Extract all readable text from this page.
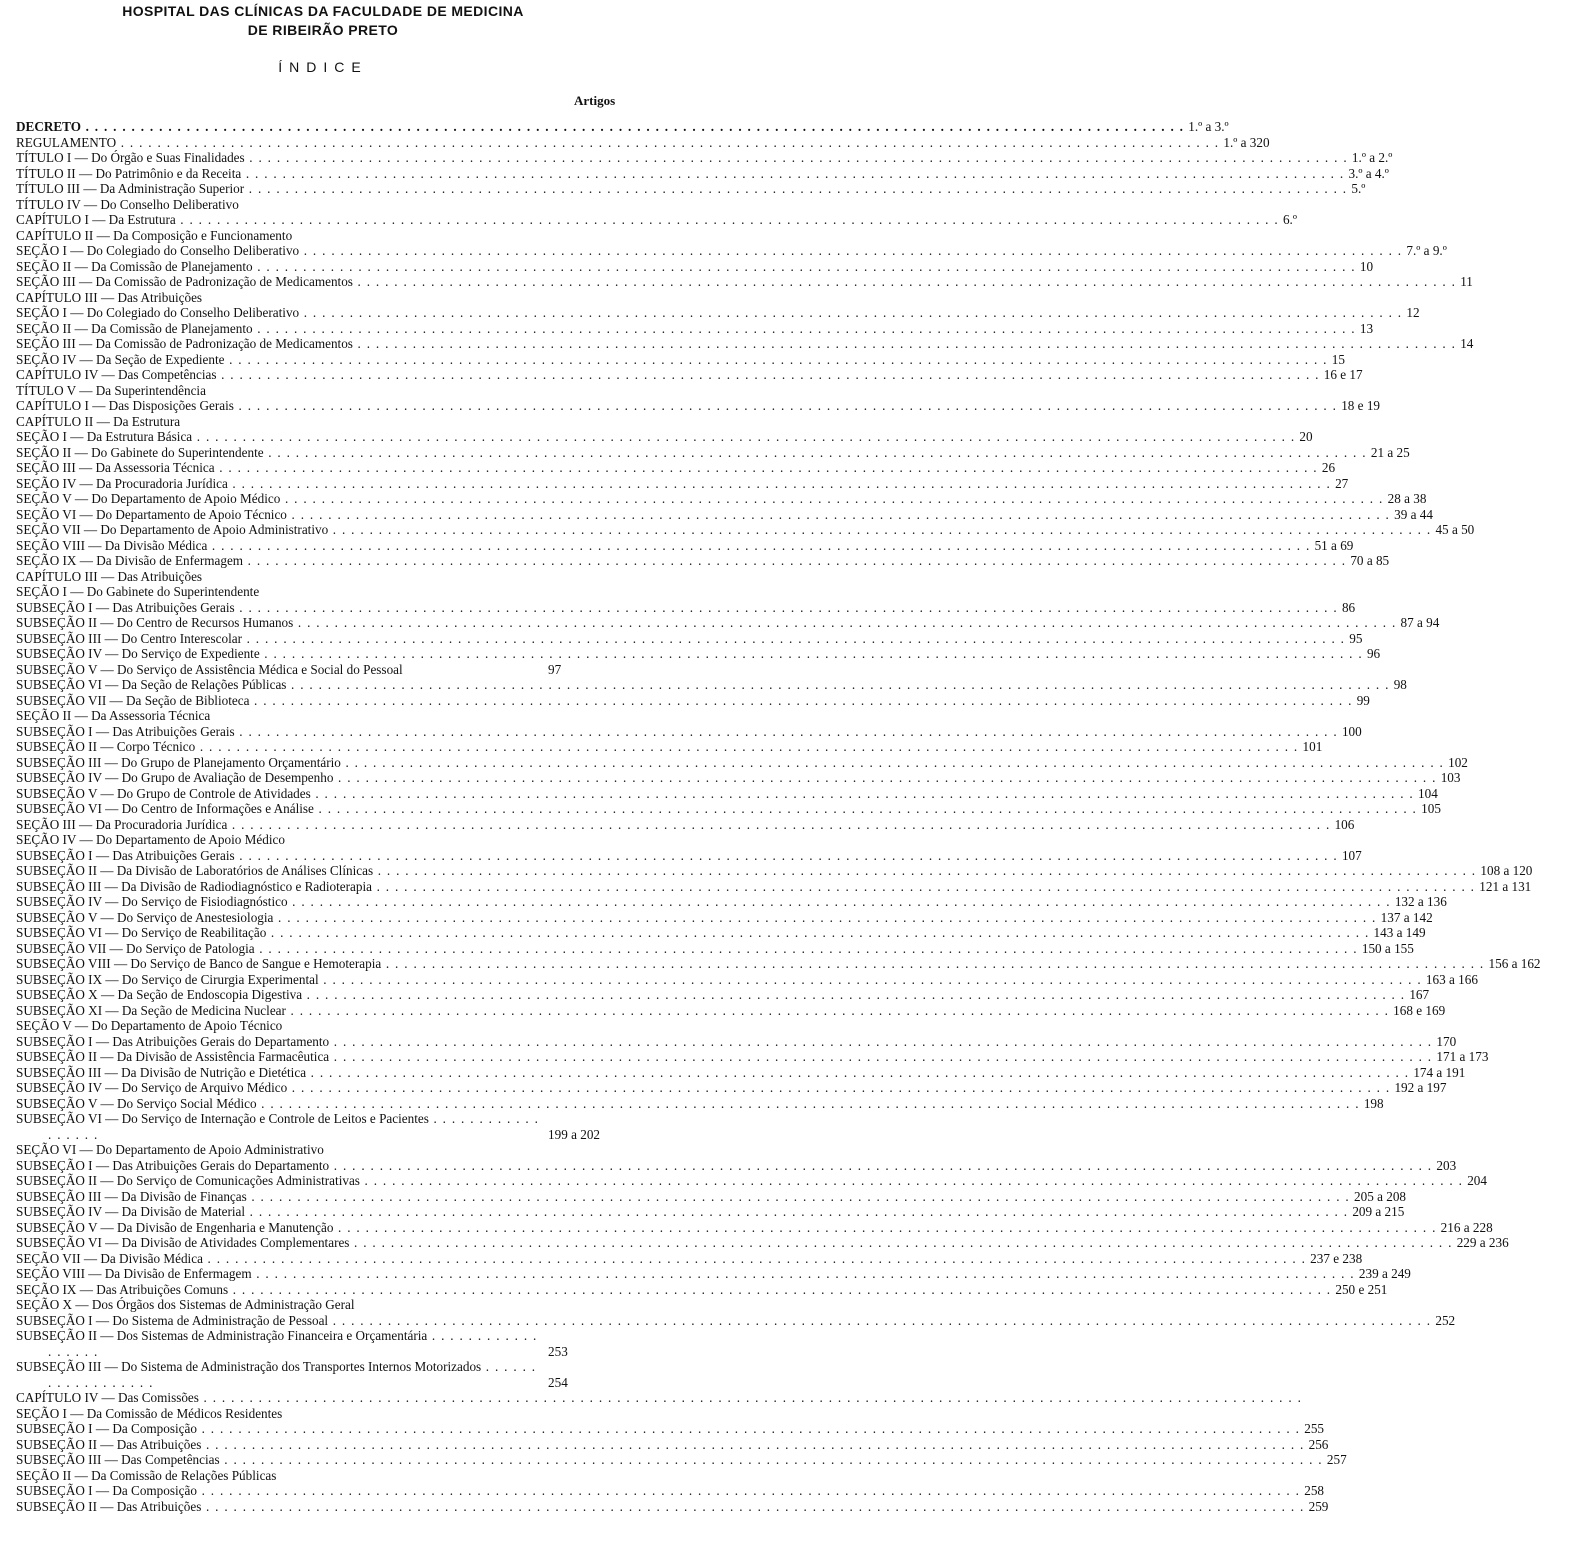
HOSPITAL DAS CLÍNICAS DA FACULDADE DE MEDICINA
DE RIBEIRÃO PRETO
ÍNDICE
Artigos
DECRETO . . . . . . . . . . . . . . . . . . . . . . . . . . . . . . . . . . . . . . . . . . . . . . . . . . . . . . . . . . . . . . . . . . . . . . . . . . . . . . . . . . . . . . . . . . . . . . . . . . . . . . . . . . . . . . . . . . . . . . . . 1.º a 3.º
REGULAMENTO . . . . . . . . . . . . . . . . . . . . . . . . . . . . . . . . . . . . . . . . . . . . . . . . . . . . . . . . . . . . . . . . . . . . . . . . . . . . . . . . . . . . . . . . . . . . . . . . . . . . . . . . . . . . . . . . . . . . . . . . 1.º a 320
TÍTULO I — Do Órgão e Suas Finalidades . . . . . . . . . . . . . . . . . . . . . . . . . . . . . . . . . . . . . . . . . . . . . . . . . . . . . . . . . . . . . . . . . . . . . . . . . . . . . . . . . . . . . . . . . . . . . . . . . . . . . . . . . . . . . . . . . . . . . . . . 1.º a 2.º
TÍTULO II — Do Patrimônio e da Receita . . . . . . . . . . . . . . . . . . . . . . . . . . . . . . . . . . . . . . . . . . . . . . . . . . . . . . . . . . . . . . . . . . . . . . . . . . . . . . . . . . . . . . . . . . . . . . . . . . . . . . . . . . . . . . . . . . . . . . . . 3.º a 4.º
TÍTULO III — Da Administração Superior . . . . . . . . . . . . . . . . . . . . . . . . . . . . . . . . . . . . . . . . . . . . . . . . . . . . . . . . . . . . . . . . . . . . . . . . . . . . . . . . . . . . . . . . . . . . . . . . . . . . . . . . . . . . . . . . . . . . . . . . 5.º
TÍTULO IV — Do Conselho Deliberativo
CAPÍTULO I — Da Estrutura . . . . . . . . . . . . . . . . . . . . . . . . . . . . . . . . . . . . . . . . . . . . . . . . . . . . . . . . . . . . . . . . . . . . . . . . . . . . . . . . . . . . . . . . . . . . . . . . . . . . . . . . . . . . . . . . . . . . . . . . 6.º
CAPÍTULO II — Da Composição e Funcionamento
SEÇÃO I — Do Colegiado do Conselho Deliberativo . . . . . . . . . . . . . . . . . . . . . . . . . . . . . . . . . . . . . . . . . . . . . . . . . . . . . . . . . . . . . . . . . . . . . . . . . . . . . . . . . . . . . . . . . . . . . . . . . . . . . . . . . . . . . . . . . . . . . . . . 7.º a 9.º
SEÇÃO II — Da Comissão de Planejamento . . . . . . . . . . . . . . . . . . . . . . . . . . . . . . . . . . . . . . . . . . . . . . . . . . . . . . . . . . . . . . . . . . . . . . . . . . . . . . . . . . . . . . . . . . . . . . . . . . . . . . . . . . . . . . . . . . . . . . . . 10
SEÇÃO III — Da Comissão de Padronização de Medicamentos . . . . . . . . . . . . . . . . . . . . . . . . . . . . . . . . . . . . . . . . . . . . . . . . . . . . . . . . . . . . . . . . . . . . . . . . . . . . . . . . . . . . . . . . . . . . . . . . . . . . . . . . . . . . . . . . . . . . . . . . 11
CAPÍTULO III — Das Atribuições
SEÇÃO I — Do Colegiado do Conselho Deliberativo . . . . . . . . . . . . . . . . . . . . . . . . . . . . . . . . . . . . . . . . . . . . . . . . . . . . . . . . . . . . . . . . . . . . . . . . . . . . . . . . . . . . . . . . . . . . . . . . . . . . . . . . . . . . . . . . . . . . . . . . 12
SEÇÃO II — Da Comissão de Planejamento . . . . . . . . . . . . . . . . . . . . . . . . . . . . . . . . . . . . . . . . . . . . . . . . . . . . . . . . . . . . . . . . . . . . . . . . . . . . . . . . . . . . . . . . . . . . . . . . . . . . . . . . . . . . . . . . . . . . . . . . 13
SEÇÃO III — Da Comissão de Padronização de Medicamentos . . . . . . . . . . . . . . . . . . . . . . . . . . . . . . . . . . . . . . . . . . . . . . . . . . . . . . . . . . . . . . . . . . . . . . . . . . . . . . . . . . . . . . . . . . . . . . . . . . . . . . . . . . . . . . . . . . . . . . . . 14
SEÇÃO IV — Da Seção de Expediente . . . . . . . . . . . . . . . . . . . . . . . . . . . . . . . . . . . . . . . . . . . . . . . . . . . . . . . . . . . . . . . . . . . . . . . . . . . . . . . . . . . . . . . . . . . . . . . . . . . . . . . . . . . . . . . . . . . . . . . . 15
CAPÍTULO IV — Das Competências . . . . . . . . . . . . . . . . . . . . . . . . . . . . . . . . . . . . . . . . . . . . . . . . . . . . . . . . . . . . . . . . . . . . . . . . . . . . . . . . . . . . . . . . . . . . . . . . . . . . . . . . . . . . . . . . . . . . . . . . 16 e 17
TÍTULO V — Da Superintendência
CAPÍTULO I — Das Disposições Gerais . . . . . . . . . . . . . . . . . . . . . . . . . . . . . . . . . . . . . . . . . . . . . . . . . . . . . . . . . . . . . . . . . . . . . . . . . . . . . . . . . . . . . . . . . . . . . . . . . . . . . . . . . . . . . . . . . . . . . . . . 18 e 19
CAPÍTULO II — Da Estrutura
SEÇÃO I — Da Estrutura Básica . . . . . . . . . . . . . . . . . . . . . . . . . . . . . . . . . . . . . . . . . . . . . . . . . . . . . . . . . . . . . . . . . . . . . . . . . . . . . . . . . . . . . . . . . . . . . . . . . . . . . . . . . . . . . . . . . . . . . . . . 20
SEÇÃO II — Do Gabinete do Superintendente . . . . . . . . . . . . . . . . . . . . . . . . . . . . . . . . . . . . . . . . . . . . . . . . . . . . . . . . . . . . . . . . . . . . . . . . . . . . . . . . . . . . . . . . . . . . . . . . . . . . . . . . . . . . . . . . . . . . . . . . 21 a 25
SEÇÃO III — Da Assessoria Técnica . . . . . . . . . . . . . . . . . . . . . . . . . . . . . . . . . . . . . . . . . . . . . . . . . . . . . . . . . . . . . . . . . . . . . . . . . . . . . . . . . . . . . . . . . . . . . . . . . . . . . . . . . . . . . . . . . . . . . . . . 26
SEÇÃO IV — Da Procuradoria Jurídica . . . . . . . . . . . . . . . . . . . . . . . . . . . . . . . . . . . . . . . . . . . . . . . . . . . . . . . . . . . . . . . . . . . . . . . . . . . . . . . . . . . . . . . . . . . . . . . . . . . . . . . . . . . . . . . . . . . . . . . . 27
SEÇÃO V — Do Departamento de Apoio Médico . . . . . . . . . . . . . . . . . . . . . . . . . . . . . . . . . . . . . . . . . . . . . . . . . . . . . . . . . . . . . . . . . . . . . . . . . . . . . . . . . . . . . . . . . . . . . . . . . . . . . . . . . . . . . . . . . . . . . . . . 28 a 38
SEÇÃO VI — Do Departamento de Apoio Técnico . . . . . . . . . . . . . . . . . . . . . . . . . . . . . . . . . . . . . . . . . . . . . . . . . . . . . . . . . . . . . . . . . . . . . . . . . . . . . . . . . . . . . . . . . . . . . . . . . . . . . . . . . . . . . . . . . . . . . . . . 39 a 44
SEÇÃO VII — Do Departamento de Apoio Administrativo . . . . . . . . . . . . . . . . . . . . . . . . . . . . . . . . . . . . . . . . . . . . . . . . . . . . . . . . . . . . . . . . . . . . . . . . . . . . . . . . . . . . . . . . . . . . . . . . . . . . . . . . . . . . . . . . . . . . . . . . 45 a 50
SEÇÃO VIII — Da Divisão Médica . . . . . . . . . . . . . . . . . . . . . . . . . . . . . . . . . . . . . . . . . . . . . . . . . . . . . . . . . . . . . . . . . . . . . . . . . . . . . . . . . . . . . . . . . . . . . . . . . . . . . . . . . . . . . . . . . . . . . . . . 51 a 69
SEÇÃO IX — Da Divisão de Enfermagem . . . . . . . . . . . . . . . . . . . . . . . . . . . . . . . . . . . . . . . . . . . . . . . . . . . . . . . . . . . . . . . . . . . . . . . . . . . . . . . . . . . . . . . . . . . . . . . . . . . . . . . . . . . . . . . . . . . . . . . . 70 a 85
CAPÍTULO III — Das Atribuições
SEÇÃO I — Do Gabinete do Superintendente
SUBSEÇÃO I — Das Atribuições Gerais . . . . . . . . . . . . . . . . . . . . . . . . . . . . . . . . . . . . . . . . . . . . . . . . . . . . . . . . . . . . . . . . . . . . . . . . . . . . . . . . . . . . . . . . . . . . . . . . . . . . . . . . . . . . . . . . . . . . . . . . 86
SUBSEÇÃO II — Do Centro de Recursos Humanos . . . . . . . . . . . . . . . . . . . . . . . . . . . . . . . . . . . . . . . . . . . . . . . . . . . . . . . . . . . . . . . . . . . . . . . . . . . . . . . . . . . . . . . . . . . . . . . . . . . . . . . . . . . . . . . . . . . . . . . . 87 a 94
SUBSEÇÃO III — Do Centro Interescolar . . . . . . . . . . . . . . . . . . . . . . . . . . . . . . . . . . . . . . . . . . . . . . . . . . . . . . . . . . . . . . . . . . . . . . . . . . . . . . . . . . . . . . . . . . . . . . . . . . . . . . . . . . . . . . . . . . . . . . . . 95
SUBSEÇÃO IV — Do Serviço de Expediente . . . . . . . . . . . . . . . . . . . . . . . . . . . . . . . . . . . . . . . . . . . . . . . . . . . . . . . . . . . . . . . . . . . . . . . . . . . . . . . . . . . . . . . . . . . . . . . . . . . . . . . . . . . . . . . . . . . . . . . . 96
SUBSEÇÃO V — Do Serviço de Assistência Médica e Social do Pessoal	97
SUBSEÇÃO VI — Da Seção de Relações Públicas . . . . . . . . . . . . . . . . . . . . . . . . . . . . . . . . . . . . . . . . . . . . . . . . . . . . . . . . . . . . . . . . . . . . . . . . . . . . . . . . . . . . . . . . . . . . . . . . . . . . . . . . . . . . . . . . . . . . . . . . 98
SUBSEÇÃO VII — Da Seção de Biblioteca . . . . . . . . . . . . . . . . . . . . . . . . . . . . . . . . . . . . . . . . . . . . . . . . . . . . . . . . . . . . . . . . . . . . . . . . . . . . . . . . . . . . . . . . . . . . . . . . . . . . . . . . . . . . . . . . . . . . . . . . 99
SEÇÃO II — Da Assessoria Técnica
SUBSEÇÃO I — Das Atribuições Gerais . . . . . . . . . . . . . . . . . . . . . . . . . . . . . . . . . . . . . . . . . . . . . . . . . . . . . . . . . . . . . . . . . . . . . . . . . . . . . . . . . . . . . . . . . . . . . . . . . . . . . . . . . . . . . . . . . . . . . . . . 100
SUBSEÇÃO II — Corpo Técnico . . . . . . . . . . . . . . . . . . . . . . . . . . . . . . . . . . . . . . . . . . . . . . . . . . . . . . . . . . . . . . . . . . . . . . . . . . . . . . . . . . . . . . . . . . . . . . . . . . . . . . . . . . . . . . . . . . . . . . . . 101
SUBSEÇÃO III — Do Grupo de Planejamento Orçamentário . . . . . . . . . . . . . . . . . . . . . . . . . . . . . . . . . . . . . . . . . . . . . . . . . . . . . . . . . . . . . . . . . . . . . . . . . . . . . . . . . . . . . . . . . . . . . . . . . . . . . . . . . . . . . . . . . . . . . . . . 102
SUBSEÇÃO IV — Do Grupo de Avaliação de Desempenho . . . . . . . . . . . . . . . . . . . . . . . . . . . . . . . . . . . . . . . . . . . . . . . . . . . . . . . . . . . . . . . . . . . . . . . . . . . . . . . . . . . . . . . . . . . . . . . . . . . . . . . . . . . . . . . . . . . . . . . . 103
SUBSEÇÃO V — Do Grupo de Controle de Atividades . . . . . . . . . . . . . . . . . . . . . . . . . . . . . . . . . . . . . . . . . . . . . . . . . . . . . . . . . . . . . . . . . . . . . . . . . . . . . . . . . . . . . . . . . . . . . . . . . . . . . . . . . . . . . . . . . . . . . . . . 104
SUBSEÇÃO VI — Do Centro de Informações e Análise . . . . . . . . . . . . . . . . . . . . . . . . . . . . . . . . . . . . . . . . . . . . . . . . . . . . . . . . . . . . . . . . . . . . . . . . . . . . . . . . . . . . . . . . . . . . . . . . . . . . . . . . . . . . . . . . . . . . . . . . 105
SEÇÃO III — Da Procuradoria Jurídica . . . . . . . . . . . . . . . . . . . . . . . . . . . . . . . . . . . . . . . . . . . . . . . . . . . . . . . . . . . . . . . . . . . . . . . . . . . . . . . . . . . . . . . . . . . . . . . . . . . . . . . . . . . . . . . . . . . . . . . . 106
SEÇÃO IV — Do Departamento de Apoio Médico
SUBSEÇÃO I — Das Atribuições Gerais . . . . . . . . . . . . . . . . . . . . . . . . . . . . . . . . . . . . . . . . . . . . . . . . . . . . . . . . . . . . . . . . . . . . . . . . . . . . . . . . . . . . . . . . . . . . . . . . . . . . . . . . . . . . . . . . . . . . . . . . 107
SUBSEÇÃO II — Da Divisão de Laboratórios de Análises Clínicas . . . . . . . . . . . . . . . . . . . . . . . . . . . . . . . . . . . . . . . . . . . . . . . . . . . . . . . . . . . . . . . . . . . . . . . . . . . . . . . . . . . . . . . . . . . . . . . . . . . . . . . . . . . . . . . . . . . . . . . . 108 a 120
SUBSEÇÃO III — Da Divisão de Radiodiagnóstico e Radioterapia . . . . . . . . . . . . . . . . . . . . . . . . . . . . . . . . . . . . . . . . . . . . . . . . . . . . . . . . . . . . . . . . . . . . . . . . . . . . . . . . . . . . . . . . . . . . . . . . . . . . . . . . . . . . . . . . . . . . . . . . 121 a 131
SUBSEÇÃO IV — Do Serviço de Fisiodiagnóstico . . . . . . . . . . . . . . . . . . . . . . . . . . . . . . . . . . . . . . . . . . . . . . . . . . . . . . . . . . . . . . . . . . . . . . . . . . . . . . . . . . . . . . . . . . . . . . . . . . . . . . . . . . . . . . . . . . . . . . . . 132 a 136
SUBSEÇÃO V — Do Serviço de Anestesiologia . . . . . . . . . . . . . . . . . . . . . . . . . . . . . . . . . . . . . . . . . . . . . . . . . . . . . . . . . . . . . . . . . . . . . . . . . . . . . . . . . . . . . . . . . . . . . . . . . . . . . . . . . . . . . . . . . . . . . . . . 137 a 142
SUBSEÇÃO VI — Do Serviço de Reabilitação . . . . . . . . . . . . . . . . . . . . . . . . . . . . . . . . . . . . . . . . . . . . . . . . . . . . . . . . . . . . . . . . . . . . . . . . . . . . . . . . . . . . . . . . . . . . . . . . . . . . . . . . . . . . . . . . . . . . . . . . 143 a 149
SUBSEÇÃO VII — Do Serviço de Patologia . . . . . . . . . . . . . . . . . . . . . . . . . . . . . . . . . . . . . . . . . . . . . . . . . . . . . . . . . . . . . . . . . . . . . . . . . . . . . . . . . . . . . . . . . . . . . . . . . . . . . . . . . . . . . . . . . . . . . . . . 150 a 155
SUBSEÇÃO VIII — Do Serviço de Banco de Sangue e Hemoterapia . . . . . . . . . . . . . . . . . . . . . . . . . . . . . . . . . . . . . . . . . . . . . . . . . . . . . . . . . . . . . . . . . . . . . . . . . . . . . . . . . . . . . . . . . . . . . . . . . . . . . . . . . . . . . . . . . . . . . . . . 156 a 162
SUBSEÇÃO IX — Do Serviço de Cirurgia Experimental . . . . . . . . . . . . . . . . . . . . . . . . . . . . . . . . . . . . . . . . . . . . . . . . . . . . . . . . . . . . . . . . . . . . . . . . . . . . . . . . . . . . . . . . . . . . . . . . . . . . . . . . . . . . . . . . . . . . . . . . 163 a 166
SUBSEÇÃO X — Da Seção de Endoscopia Digestiva . . . . . . . . . . . . . . . . . . . . . . . . . . . . . . . . . . . . . . . . . . . . . . . . . . . . . . . . . . . . . . . . . . . . . . . . . . . . . . . . . . . . . . . . . . . . . . . . . . . . . . . . . . . . . . . . . . . . . . . . 167
SUBSEÇÃO XI — Da Seção de Medicina Nuclear . . . . . . . . . . . . . . . . . . . . . . . . . . . . . . . . . . . . . . . . . . . . . . . . . . . . . . . . . . . . . . . . . . . . . . . . . . . . . . . . . . . . . . . . . . . . . . . . . . . . . . . . . . . . . . . . . . . . . . . . 168 e 169
SEÇÃO V — Do Departamento de Apoio Técnico
SUBSEÇÃO I — Das Atribuições Gerais do Departamento . . . . . . . . . . . . . . . . . . . . . . . . . . . . . . . . . . . . . . . . . . . . . . . . . . . . . . . . . . . . . . . . . . . . . . . . . . . . . . . . . . . . . . . . . . . . . . . . . . . . . . . . . . . . . . . . . . . . . . . . 170
SUBSEÇÃO II — Da Divisão de Assistência Farmacêutica . . . . . . . . . . . . . . . . . . . . . . . . . . . . . . . . . . . . . . . . . . . . . . . . . . . . . . . . . . . . . . . . . . . . . . . . . . . . . . . . . . . . . . . . . . . . . . . . . . . . . . . . . . . . . . . . . . . . . . . . 171 a 173
SUBSEÇÃO III — Da Divisão de Nutrição e Dietética . . . . . . . . . . . . . . . . . . . . . . . . . . . . . . . . . . . . . . . . . . . . . . . . . . . . . . . . . . . . . . . . . . . . . . . . . . . . . . . . . . . . . . . . . . . . . . . . . . . . . . . . . . . . . . . . . . . . . . . . 174 a 191
SUBSEÇÃO IV — Do Serviço de Arquivo Médico . . . . . . . . . . . . . . . . . . . . . . . . . . . . . . . . . . . . . . . . . . . . . . . . . . . . . . . . . . . . . . . . . . . . . . . . . . . . . . . . . . . . . . . . . . . . . . . . . . . . . . . . . . . . . . . . . . . . . . . . 192 a 197
SUBSEÇÃO V — Do Serviço Social Médico . . . . . . . . . . . . . . . . . . . . . . . . . . . . . . . . . . . . . . . . . . . . . . . . . . . . . . . . . . . . . . . . . . . . . . . . . . . . . . . . . . . . . . . . . . . . . . . . . . . . . . . . . . . . . . . . . . . . . . . . 198
SUBSEÇÃO VI — Do Serviço de Internação e Controle de Leitos e Pacientes . . . . . . . . . . . . . . . . . .	199 a 202
SEÇÃO VI — Do Departamento de Apoio Administrativo
SUBSEÇÃO I — Das Atribuições Gerais do Departamento . . . . . . . . . . . . . . . . . . . . . . . . . . . . . . . . . . . . . . . . . . . . . . . . . . . . . . . . . . . . . . . . . . . . . . . . . . . . . . . . . . . . . . . . . . . . . . . . . . . . . . . . . . . . . . . . . . . . . . . . 203
SUBSEÇÃO II — Do Serviço de Comunicações Administrativas . . . . . . . . . . . . . . . . . . . . . . . . . . . . . . . . . . . . . . . . . . . . . . . . . . . . . . . . . . . . . . . . . . . . . . . . . . . . . . . . . . . . . . . . . . . . . . . . . . . . . . . . . . . . . . . . . . . . . . . . 204
SUBSEÇÃO III — Da Divisão de Finanças . . . . . . . . . . . . . . . . . . . . . . . . . . . . . . . . . . . . . . . . . . . . . . . . . . . . . . . . . . . . . . . . . . . . . . . . . . . . . . . . . . . . . . . . . . . . . . . . . . . . . . . . . . . . . . . . . . . . . . . . 205 a 208
SUBSEÇÃO IV — Da Divisão de Material . . . . . . . . . . . . . . . . . . . . . . . . . . . . . . . . . . . . . . . . . . . . . . . . . . . . . . . . . . . . . . . . . . . . . . . . . . . . . . . . . . . . . . . . . . . . . . . . . . . . . . . . . . . . . . . . . . . . . . . . 209 a 215
SUBSEÇÃO V — Da Divisão de Engenharia e Manutenção . . . . . . . . . . . . . . . . . . . . . . . . . . . . . . . . . . . . . . . . . . . . . . . . . . . . . . . . . . . . . . . . . . . . . . . . . . . . . . . . . . . . . . . . . . . . . . . . . . . . . . . . . . . . . . . . . . . . . . . . 216 a 228
SUBSEÇÃO VI — Da Divisão de Atividades Complementares . . . . . . . . . . . . . . . . . . . . . . . . . . . . . . . . . . . . . . . . . . . . . . . . . . . . . . . . . . . . . . . . . . . . . . . . . . . . . . . . . . . . . . . . . . . . . . . . . . . . . . . . . . . . . . . . . . . . . . . . 229 a 236
SEÇÃO VII — Da Divisão Médica . . . . . . . . . . . . . . . . . . . . . . . . . . . . . . . . . . . . . . . . . . . . . . . . . . . . . . . . . . . . . . . . . . . . . . . . . . . . . . . . . . . . . . . . . . . . . . . . . . . . . . . . . . . . . . . . . . . . . . . . 237 e 238
SEÇÃO VIII — Da Divisão de Enfermagem . . . . . . . . . . . . . . . . . . . . . . . . . . . . . . . . . . . . . . . . . . . . . . . . . . . . . . . . . . . . . . . . . . . . . . . . . . . . . . . . . . . . . . . . . . . . . . . . . . . . . . . . . . . . . . . . . . . . . . . . 239 a 249
SEÇÃO IX — Das Atribuições Comuns . . . . . . . . . . . . . . . . . . . . . . . . . . . . . . . . . . . . . . . . . . . . . . . . . . . . . . . . . . . . . . . . . . . . . . . . . . . . . . . . . . . . . . . . . . . . . . . . . . . . . . . . . . . . . . . . . . . . . . . . 250 e 251
SEÇÃO X — Dos Órgãos dos Sistemas de Administração Geral
SUBSEÇÃO I — Do Sistema de Administração de Pessoal . . . . . . . . . . . . . . . . . . . . . . . . . . . . . . . . . . . . . . . . . . . . . . . . . . . . . . . . . . . . . . . . . . . . . . . . . . . . . . . . . . . . . . . . . . . . . . . . . . . . . . . . . . . . . . . . . . . . . . . . 252
SUBSEÇÃO II — Dos Sistemas de Administração Financeira e Orçamentária . . . . . . . . . . . . . . . . . .	253
SUBSEÇÃO III — Do Sistema de Administração dos Transportes Internos Motorizados . . . . . . . . . . . . . . . . . .	254
CAPÍTULO IV — Das Comissões . . . . . . . . . . . . . . . . . . . . . . . . . . . . . . . . . . . . . . . . . . . . . . . . . . . . . . . . . . . . . . . . . . . . . . . . . . . . . . . . . . . . . . . . . . . . . . . . . . . . . . . . . . . . . . . . . . . . . . . .
SEÇÃO I — Da Comissão de Médicos Residentes
SUBSEÇÃO I — Da Composição . . . . . . . . . . . . . . . . . . . . . . . . . . . . . . . . . . . . . . . . . . . . . . . . . . . . . . . . . . . . . . . . . . . . . . . . . . . . . . . . . . . . . . . . . . . . . . . . . . . . . . . . . . . . . . . . . . . . . . . . 255
SUBSEÇÃO II — Das Atribuições . . . . . . . . . . . . . . . . . . . . . . . . . . . . . . . . . . . . . . . . . . . . . . . . . . . . . . . . . . . . . . . . . . . . . . . . . . . . . . . . . . . . . . . . . . . . . . . . . . . . . . . . . . . . . . . . . . . . . . . . 256
SUBSEÇÃO III — Das Competências . . . . . . . . . . . . . . . . . . . . . . . . . . . . . . . . . . . . . . . . . . . . . . . . . . . . . . . . . . . . . . . . . . . . . . . . . . . . . . . . . . . . . . . . . . . . . . . . . . . . . . . . . . . . . . . . . . . . . . . . 257
SEÇÃO II — Da Comissão de Relações Públicas
SUBSEÇÃO I — Da Composição . . . . . . . . . . . . . . . . . . . . . . . . . . . . . . . . . . . . . . . . . . . . . . . . . . . . . . . . . . . . . . . . . . . . . . . . . . . . . . . . . . . . . . . . . . . . . . . . . . . . . . . . . . . . . . . . . . . . . . . . 258
SUBSEÇÃO II — Das Atribuições . . . . . . . . . . . . . . . . . . . . . . . . . . . . . . . . . . . . . . . . . . . . . . . . . . . . . . . . . . . . . . . . . . . . . . . . . . . . . . . . . . . . . . . . . . . . . . . . . . . . . . . . . . . . . . . . . . . . . . . . 259
